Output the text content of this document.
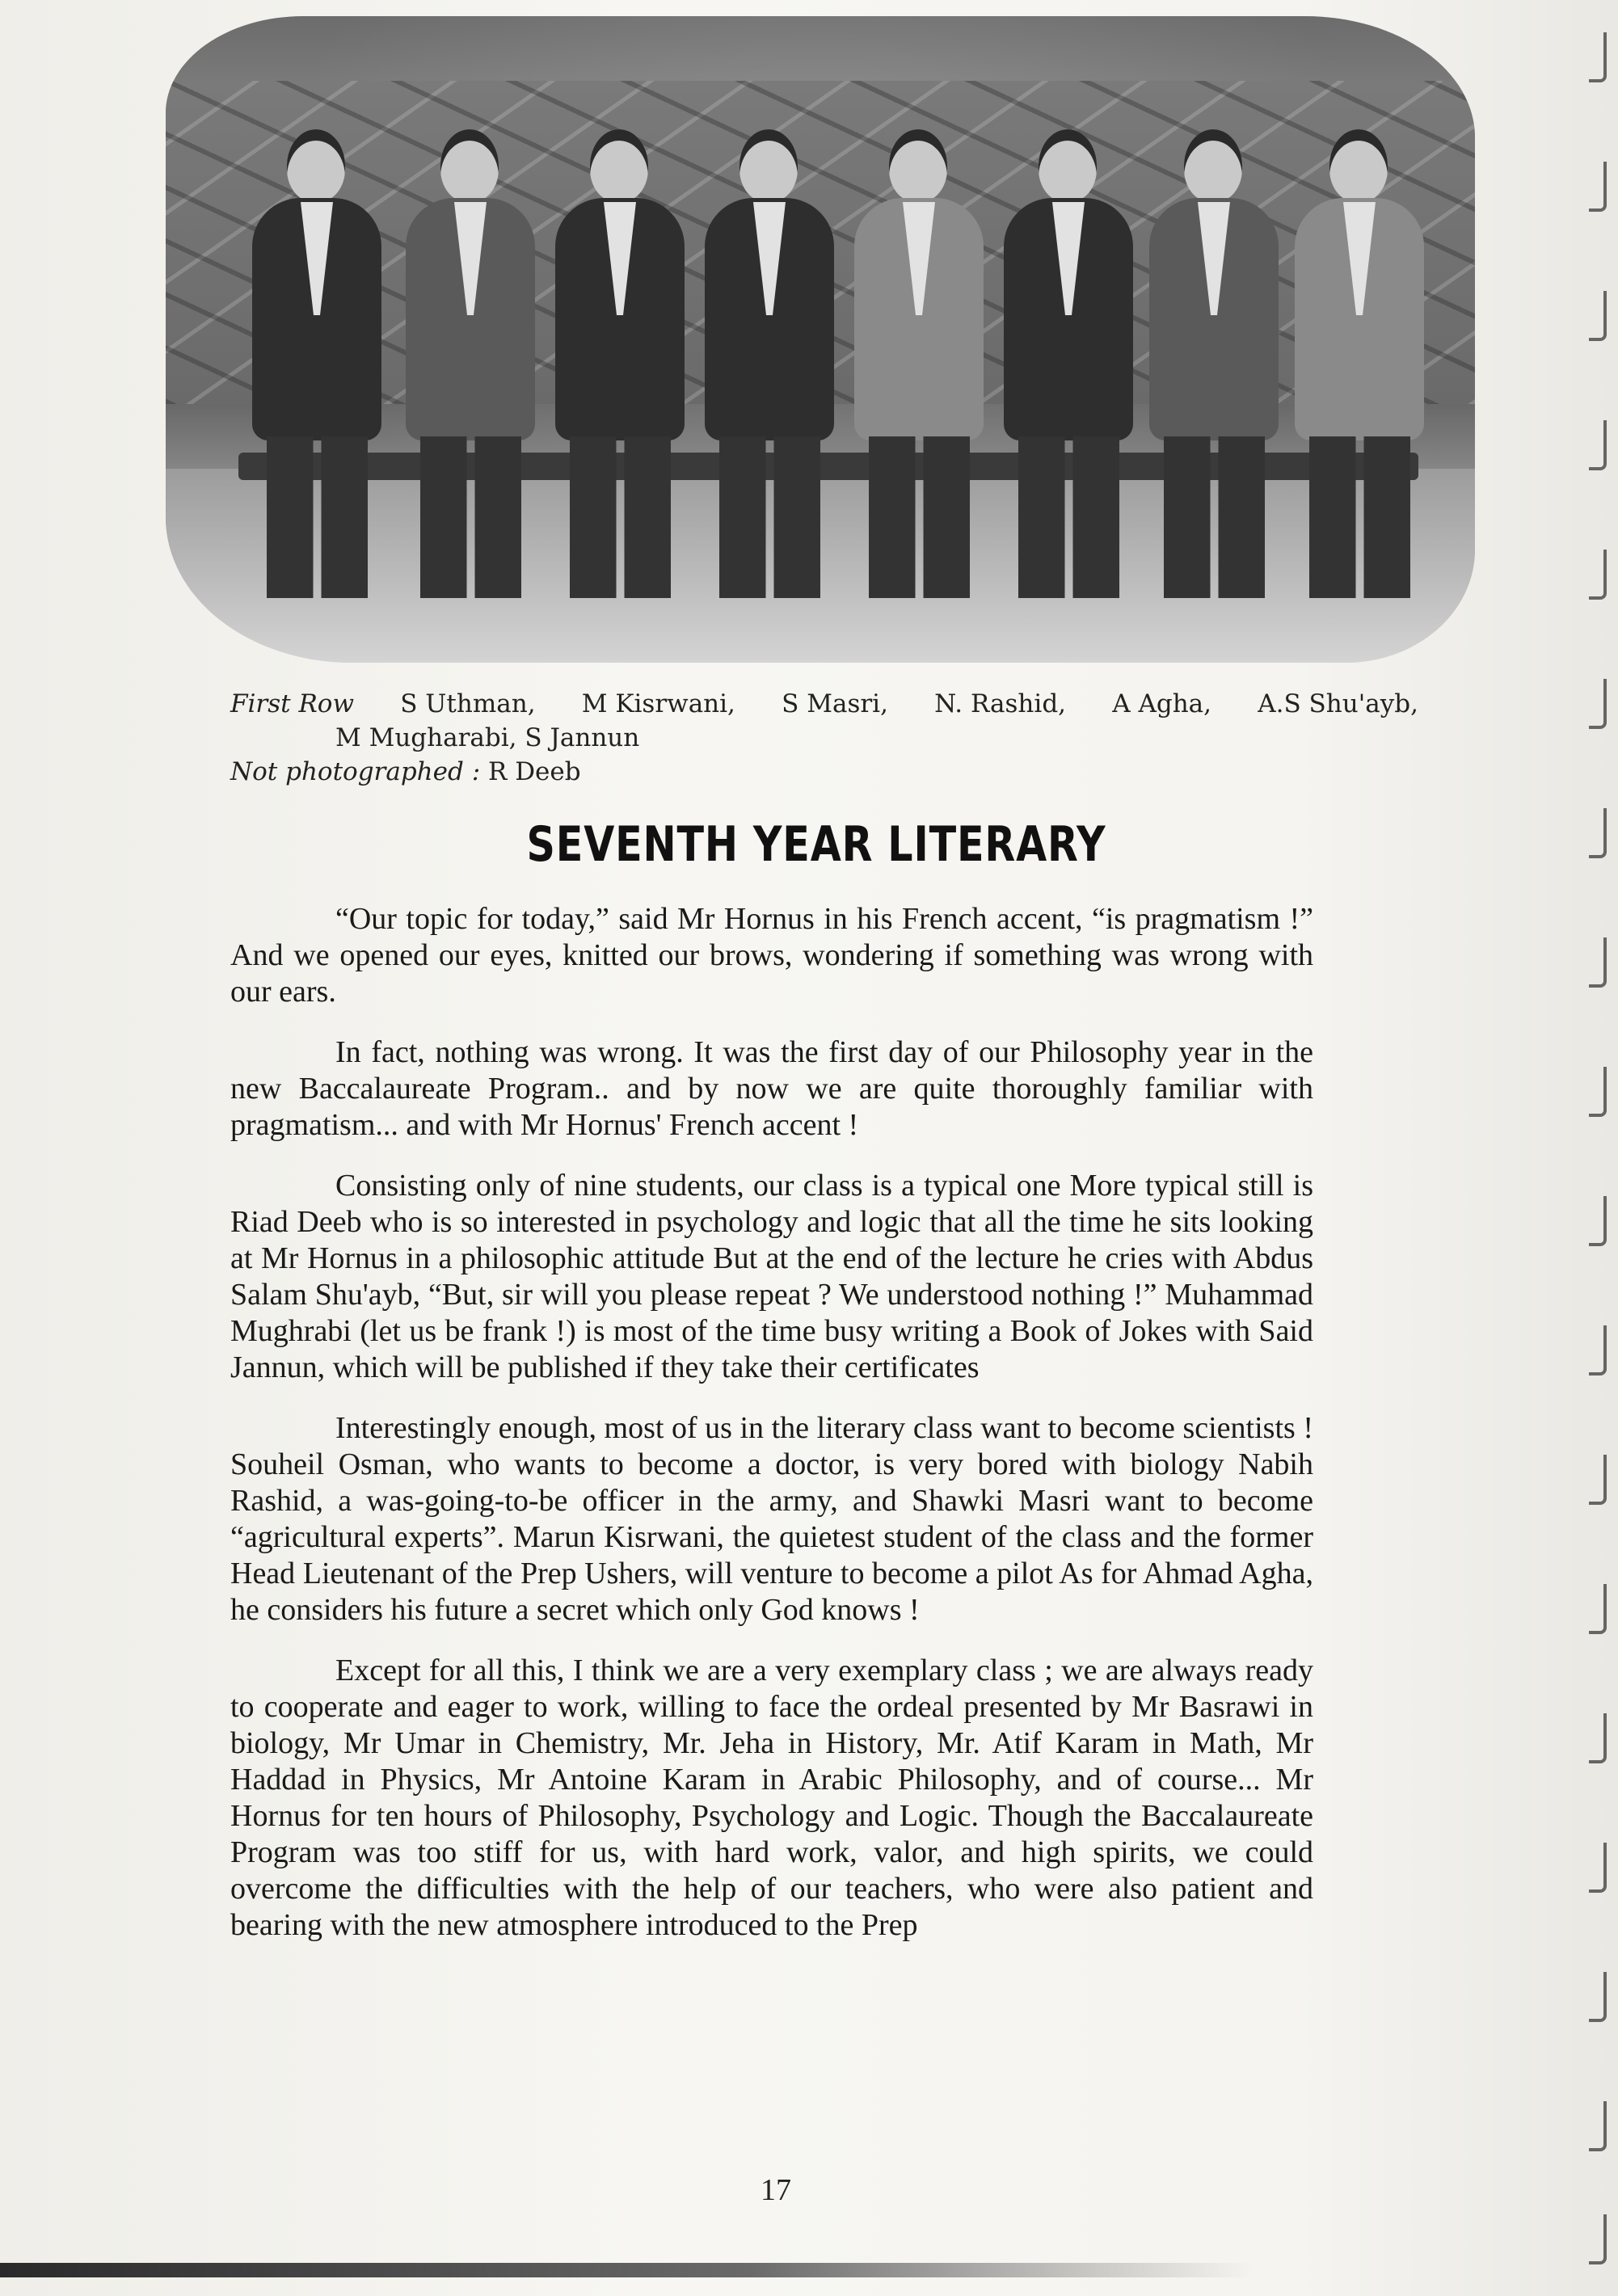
First Row S Uthman, M Kisrwani, S Masri, N. Rashid, A Agha, A.S Shu'ayb,
M Mugharabi, S Jannun
Not photographed : R Deeb
SEVENTH YEAR LITERARY

“Our topic for today,” said Mr Hornus in his French accent, “is pragmatism !” And we opened our eyes, knitted our brows, wondering if something was wrong with our ears.

In fact, nothing was wrong. It was the first day of our Philosophy year in the new Baccalaureate Program.. and by now we are quite thoroughly familiar with pragmatism... and with Mr Hornus' French accent !

Consisting only of nine students, our class is a typical one More typical still is Riad Deeb who is so interested in psychology and logic that all the time he sits looking at Mr Hornus in a philosophic attitude But at the end of the lecture he cries with Abdus Salam Shu'ayb, “But, sir will you please repeat ? We understood nothing !” Muhammad Mughrabi (let us be frank !) is most of the time busy writing a Book of Jokes with Said Jannun, which will be published if they take their certificates

Interestingly enough, most of us in the literary class want to become scientists ! Souheil Osman, who wants to become a doctor, is very bored with biology Nabih Rashid, a was-going-to-be officer in the army, and Shawki Masri want to become “agricultural experts”. Marun Kisrwani, the quietest student of the class and the former Head Lieutenant of the Prep Ushers, will venture to become a pilot As for Ahmad Agha, he considers his future a secret which only God knows !

Except for all this, I think we are a very exemplary class ; we are always ready to cooperate and eager to work, willing to face the ordeal presented by Mr Basrawi in biology, Mr Umar in Chemistry, Mr. Jeha in History, Mr. Atif Karam in Math, Mr Haddad in Physics, Mr Antoine Karam in Arabic Philosophy, and of course... Mr Hornus for ten hours of Philosophy, Psychology and Logic. Though the Baccalaureate Program was too stiff for us, with hard work, valor, and high spirits, we could overcome the difficulties with the help of our teachers, who were also patient and bearing with the new atmosphere introduced to the Prep

17
